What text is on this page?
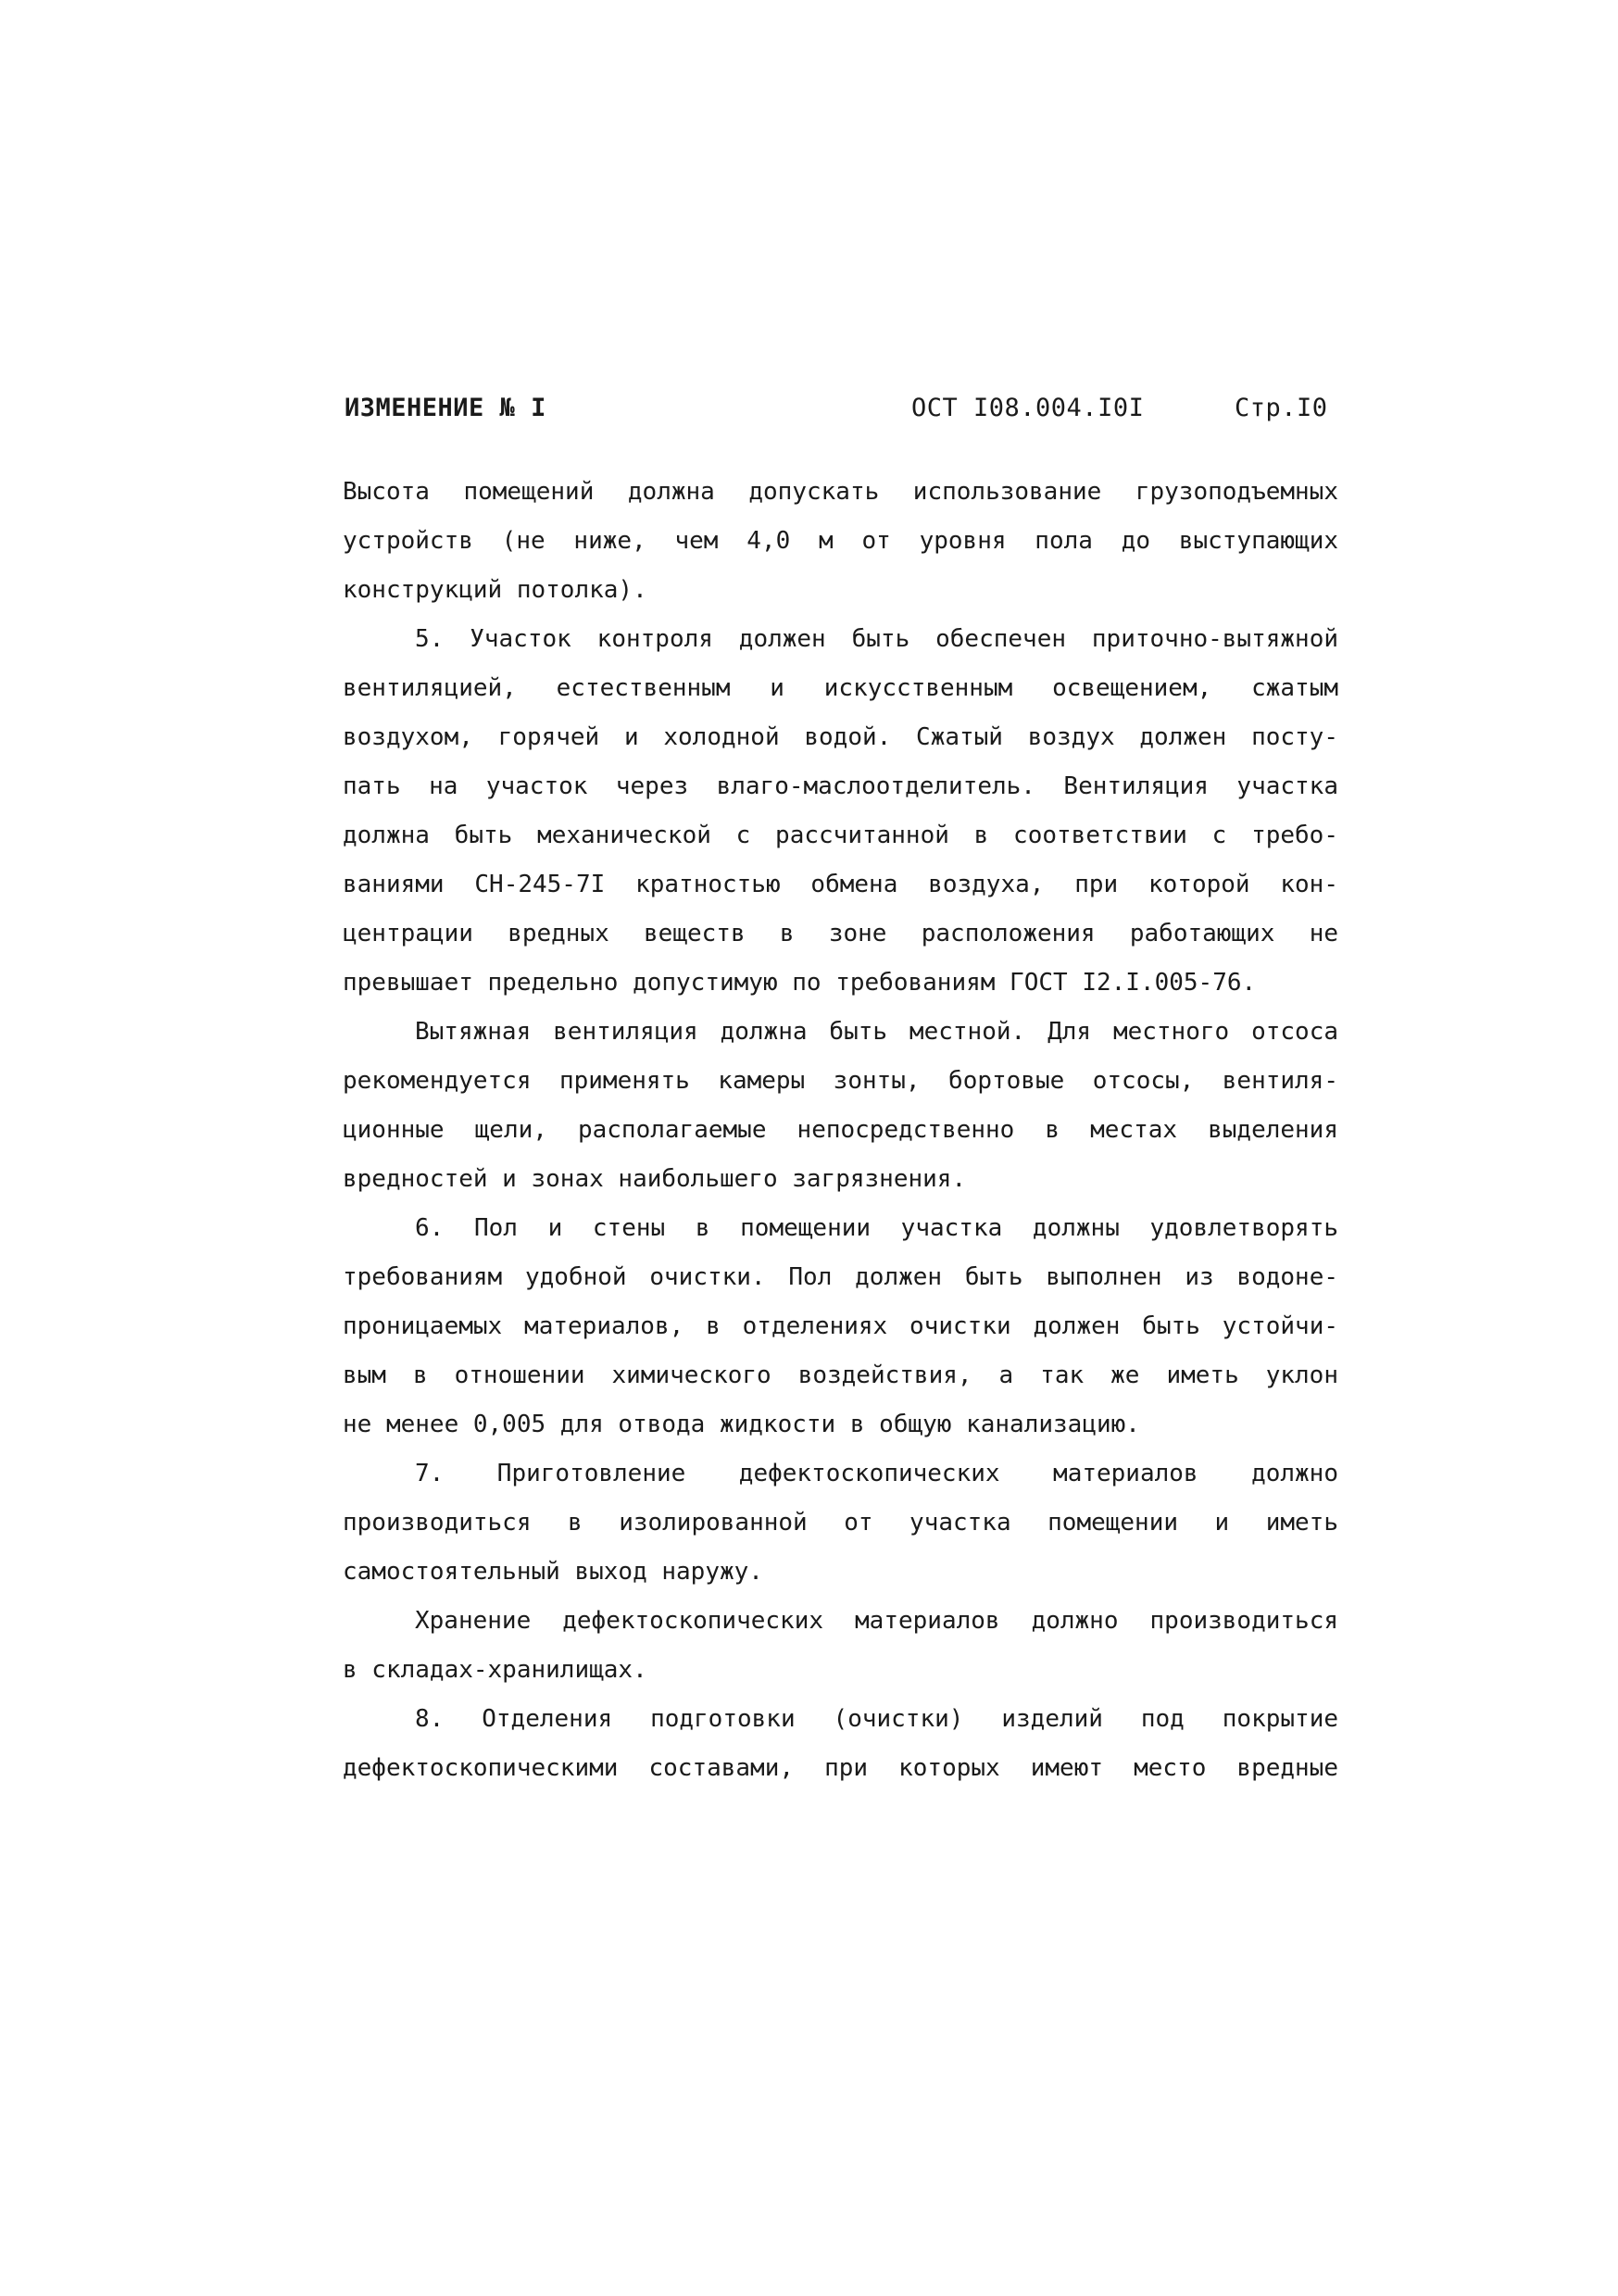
ИЗМЕНЕНИЕ № I	ОСТ I08.004.I0I	Стр.I0
Высота помещений должна допускать использование грузоподъемных
устройств (не ниже, чем 4,0 м от уровня пола до выступающих
конструкций потолка).
5. Участок контроля должен быть обеспечен приточно-вытяжной
вентиляцией, естественным и искусственным освещением, сжатым
воздухом, горячей и холодной водой. Сжатый воздух должен посту-
пать на участок через влаго-маслоотделитель. Вентиляция участка
должна быть механической с рассчитанной в соответствии с требо-
ваниями СН-245-7I кратностью обмена воздуха, при которой кон-
центрации вредных веществ в зоне расположения работающих не
превышает предельно допустимую по требованиям ГОСТ I2.I.005-76.
Вытяжная вентиляция должна быть местной. Для местного отсоса
рекомендуется применять камеры зонты, бортовые отсосы, вентиля-
ционные щели, располагаемые непосредственно в местах выделения
вредностей и зонах наибольшего загрязнения.
6. Пол и стены в помещении участка должны удовлетворять
требованиям удобной очистки. Пол должен быть выполнен из водоне-
проницаемых материалов, в отделениях очистки должен быть устойчи-
вым в отношении химического воздействия, а так же иметь уклон
не менее 0,005 для отвода жидкости в общую канализацию.
7. Приготовление дефектоскопических материалов должно
производиться в изолированной от участка помещении и иметь
самостоятельный выход наружу.
Хранение дефектоскопических материалов должно производиться
в складах-хранилищах.
8. Отделения подготовки (очистки) изделий под покрытие
дефектоскопическими составами, при которых имеют место вредные
